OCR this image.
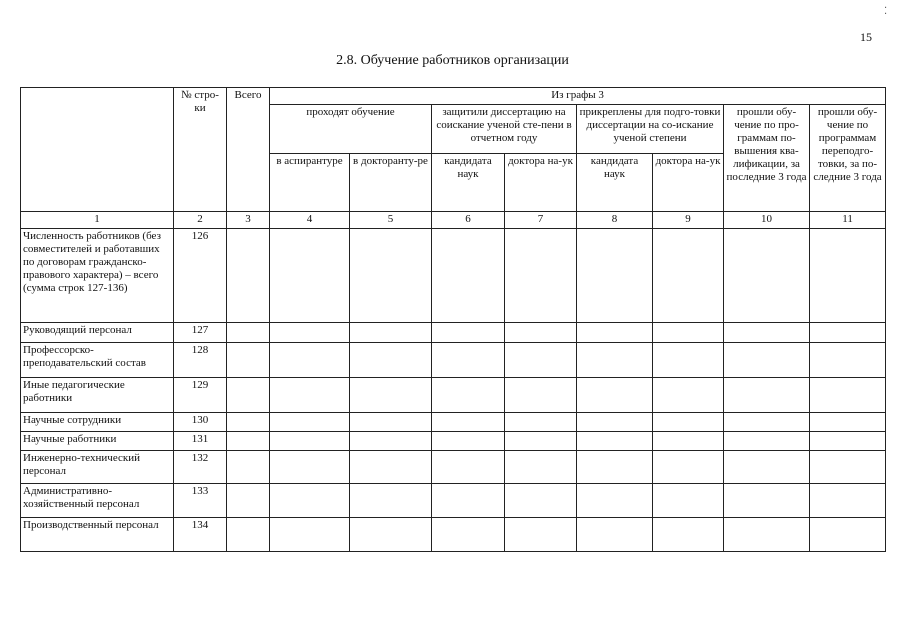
⁚
15
2.8. Обучение работников организации
	№ стро-ки	Всего	Из графы 3							
			проходят обучение		защитили диссертацию на соискание ученой сте-пени в отчетном году		прикреплены для подго-товки диссертации на со-искание ученой степени		прошли обу-чение по про-граммам по-вышения ква-лификации, за последние 3 года	прошли обу-чение по программам переподго-товки, за по-следние 3 года
			в аспирантуре	в докторанту-ре	кандидата наук	доктора на-ук	кандидата наук	доктора на-ук		

1	2	3	4	5	6	7	8	9	10	11
Численность работников (без совместителей и работавших по договорам гражданско-правового характера) – всего (сумма строк 127-136)	126									
Руководящий персонал	127									
Профессорско-преподавательский состав	128									
Иные педагогические работники	129									
Научные сотрудники	130									
Научные работники	131									
Инженерно-технический персонал	132									
Административно-хозяйственный персонал	133									
Производственный персонал	134									
